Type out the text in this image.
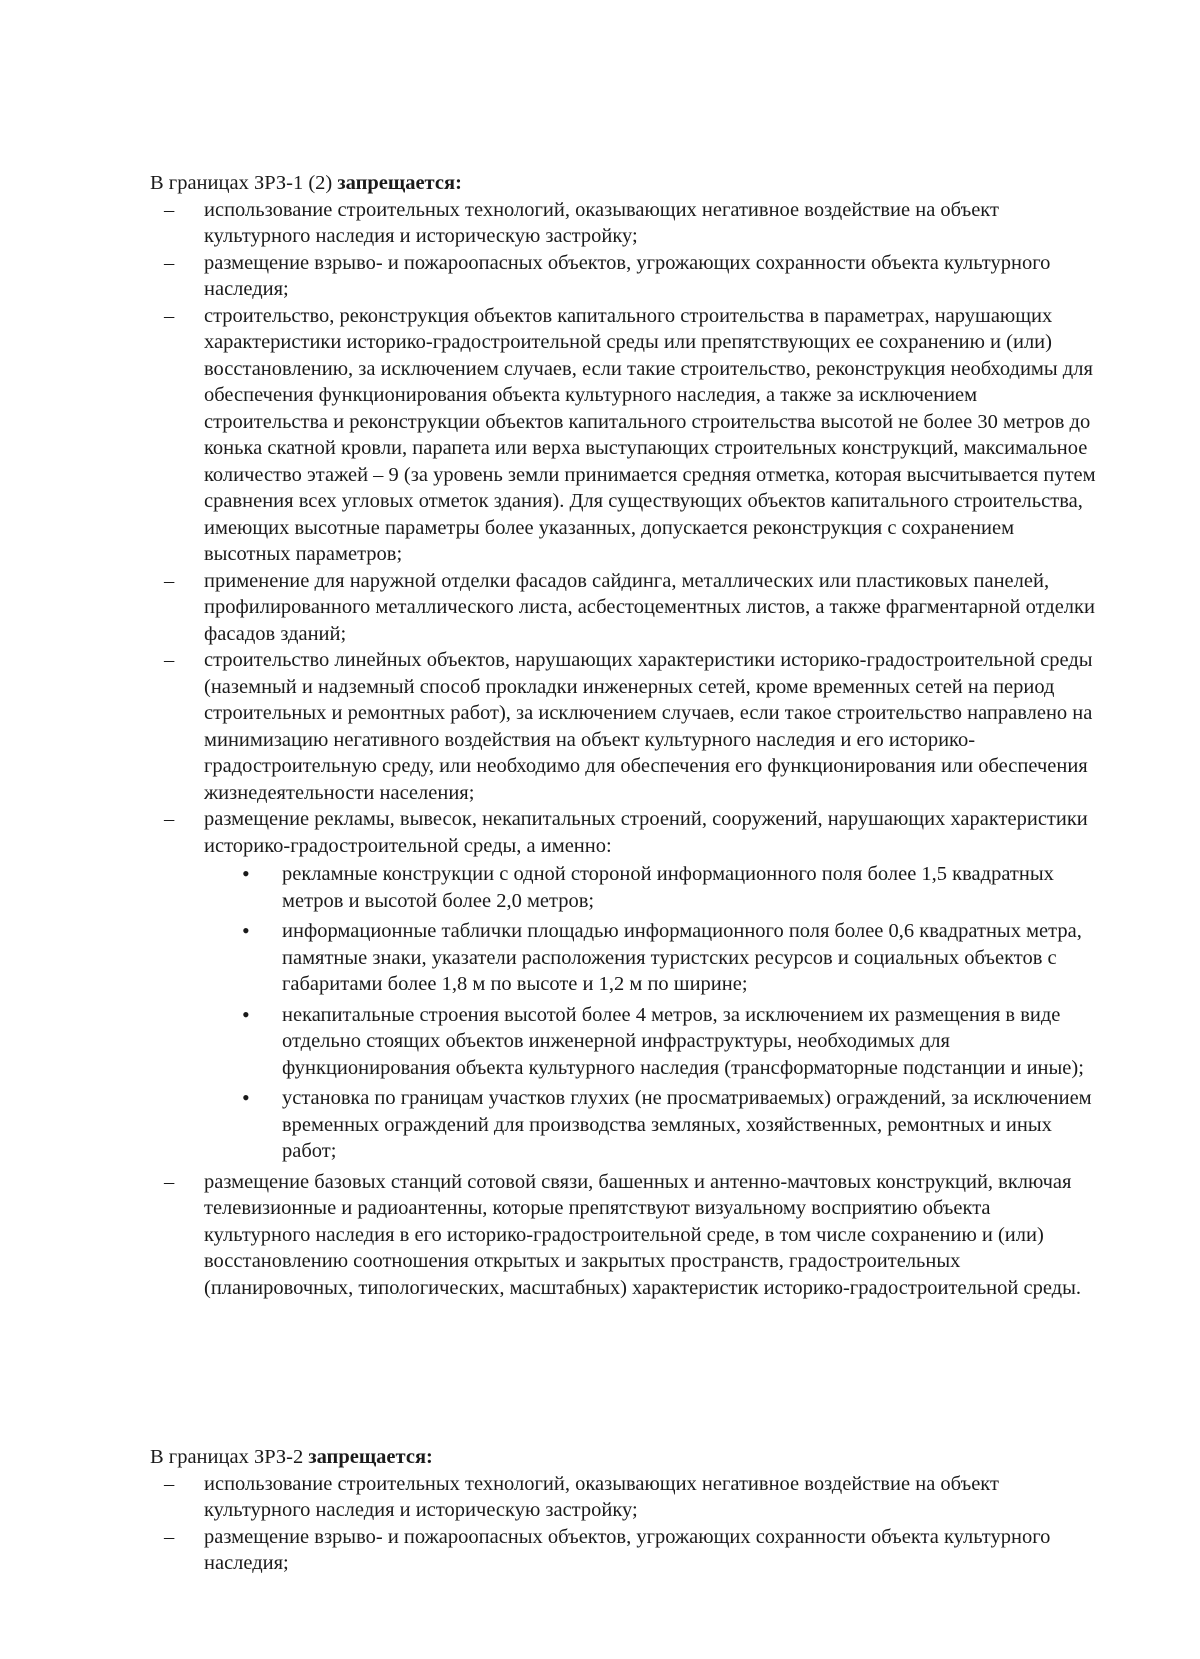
В границах ЗРЗ-1 (2) запрещается:

– использование строительных технологий, оказывающих негативное воздействие на объект культурного наследия и историческую застройку;
– размещение взрыво- и пожароопасных объектов, угрожающих сохранности объекта культурного наследия;
– строительство, реконструкция объектов капитального строительства в параметрах, нарушающих характеристики историко-градостроительной среды или препятствующих ее сохранению и (или) восстановлению, за исключением случаев, если такие строительство, реконструкция необходимы для обеспечения функционирования объекта культурного наследия, а также за исключением строительства и реконструкции объектов капитального строительства высотой не более 30 метров до конька скатной кровли, парапета или верха выступающих строительных конструкций, максимальное количество этажей – 9 (за уровень земли принимается средняя отметка, которая высчитывается путем сравнения всех угловых отметок здания). Для существующих объектов капитального строительства, имеющих высотные параметры более указанных, допускается реконструкция с сохранением высотных параметров;
– применение для наружной отделки фасадов сайдинга, металлических или пластиковых панелей, профилированного металлического листа, асбестоцементных листов, а также фрагментарной отделки фасадов зданий;
– строительство линейных объектов, нарушающих характеристики историко-градостроительной среды (наземный и надземный способ прокладки инженерных сетей, кроме временных сетей на период строительных и ремонтных работ), за исключением случаев, если такое строительство направлено на минимизацию негативного воздействия на объект культурного наследия и его историко-градостроительную среду, или необходимо для обеспечения его функционирования или обеспечения жизнедеятельности населения;
– размещение рекламы, вывесок, некапитальных строений, сооружений, нарушающих характеристики историко-градостроительной среды, а именно:
• рекламные конструкции с одной стороной информационного поля более 1,5 квадратных метров и высотой более 2,0 метров;
• информационные таблички площадью информационного поля более 0,6 квадратных метра, памятные знаки, указатели расположения туристских ресурсов и социальных объектов с габаритами более 1,8 м по высоте и 1,2 м по ширине;
• некапитальные строения высотой более 4 метров, за исключением их размещения в виде отдельно стоящих объектов инженерной инфраструктуры, необходимых для функционирования объекта культурного наследия (трансформаторные подстанции и иные);
• установка по границам участков глухих (не просматриваемых) ограждений, за исключением временных ограждений для производства земляных, хозяйственных, ремонтных и иных работ;
– размещение базовых станций сотовой связи, башенных и антенно-мачтовых конструкций, включая телевизионные и радиоантенны, которые препятствуют визуальному восприятию объекта культурного наследия в его историко-градостроительной среде, в том числе сохранению и (или) восстановлению соотношения открытых и закрытых пространств, градостроительных (планировочных, типологических, масштабных) характеристик историко-градостроительной среды.

В границах ЗРЗ-2 запрещается:

– использование строительных технологий, оказывающих негативное воздействие на объект культурного наследия и историческую застройку;
– размещение взрыво- и пожароопасных объектов, угрожающих сохранности объекта культурного наследия;
